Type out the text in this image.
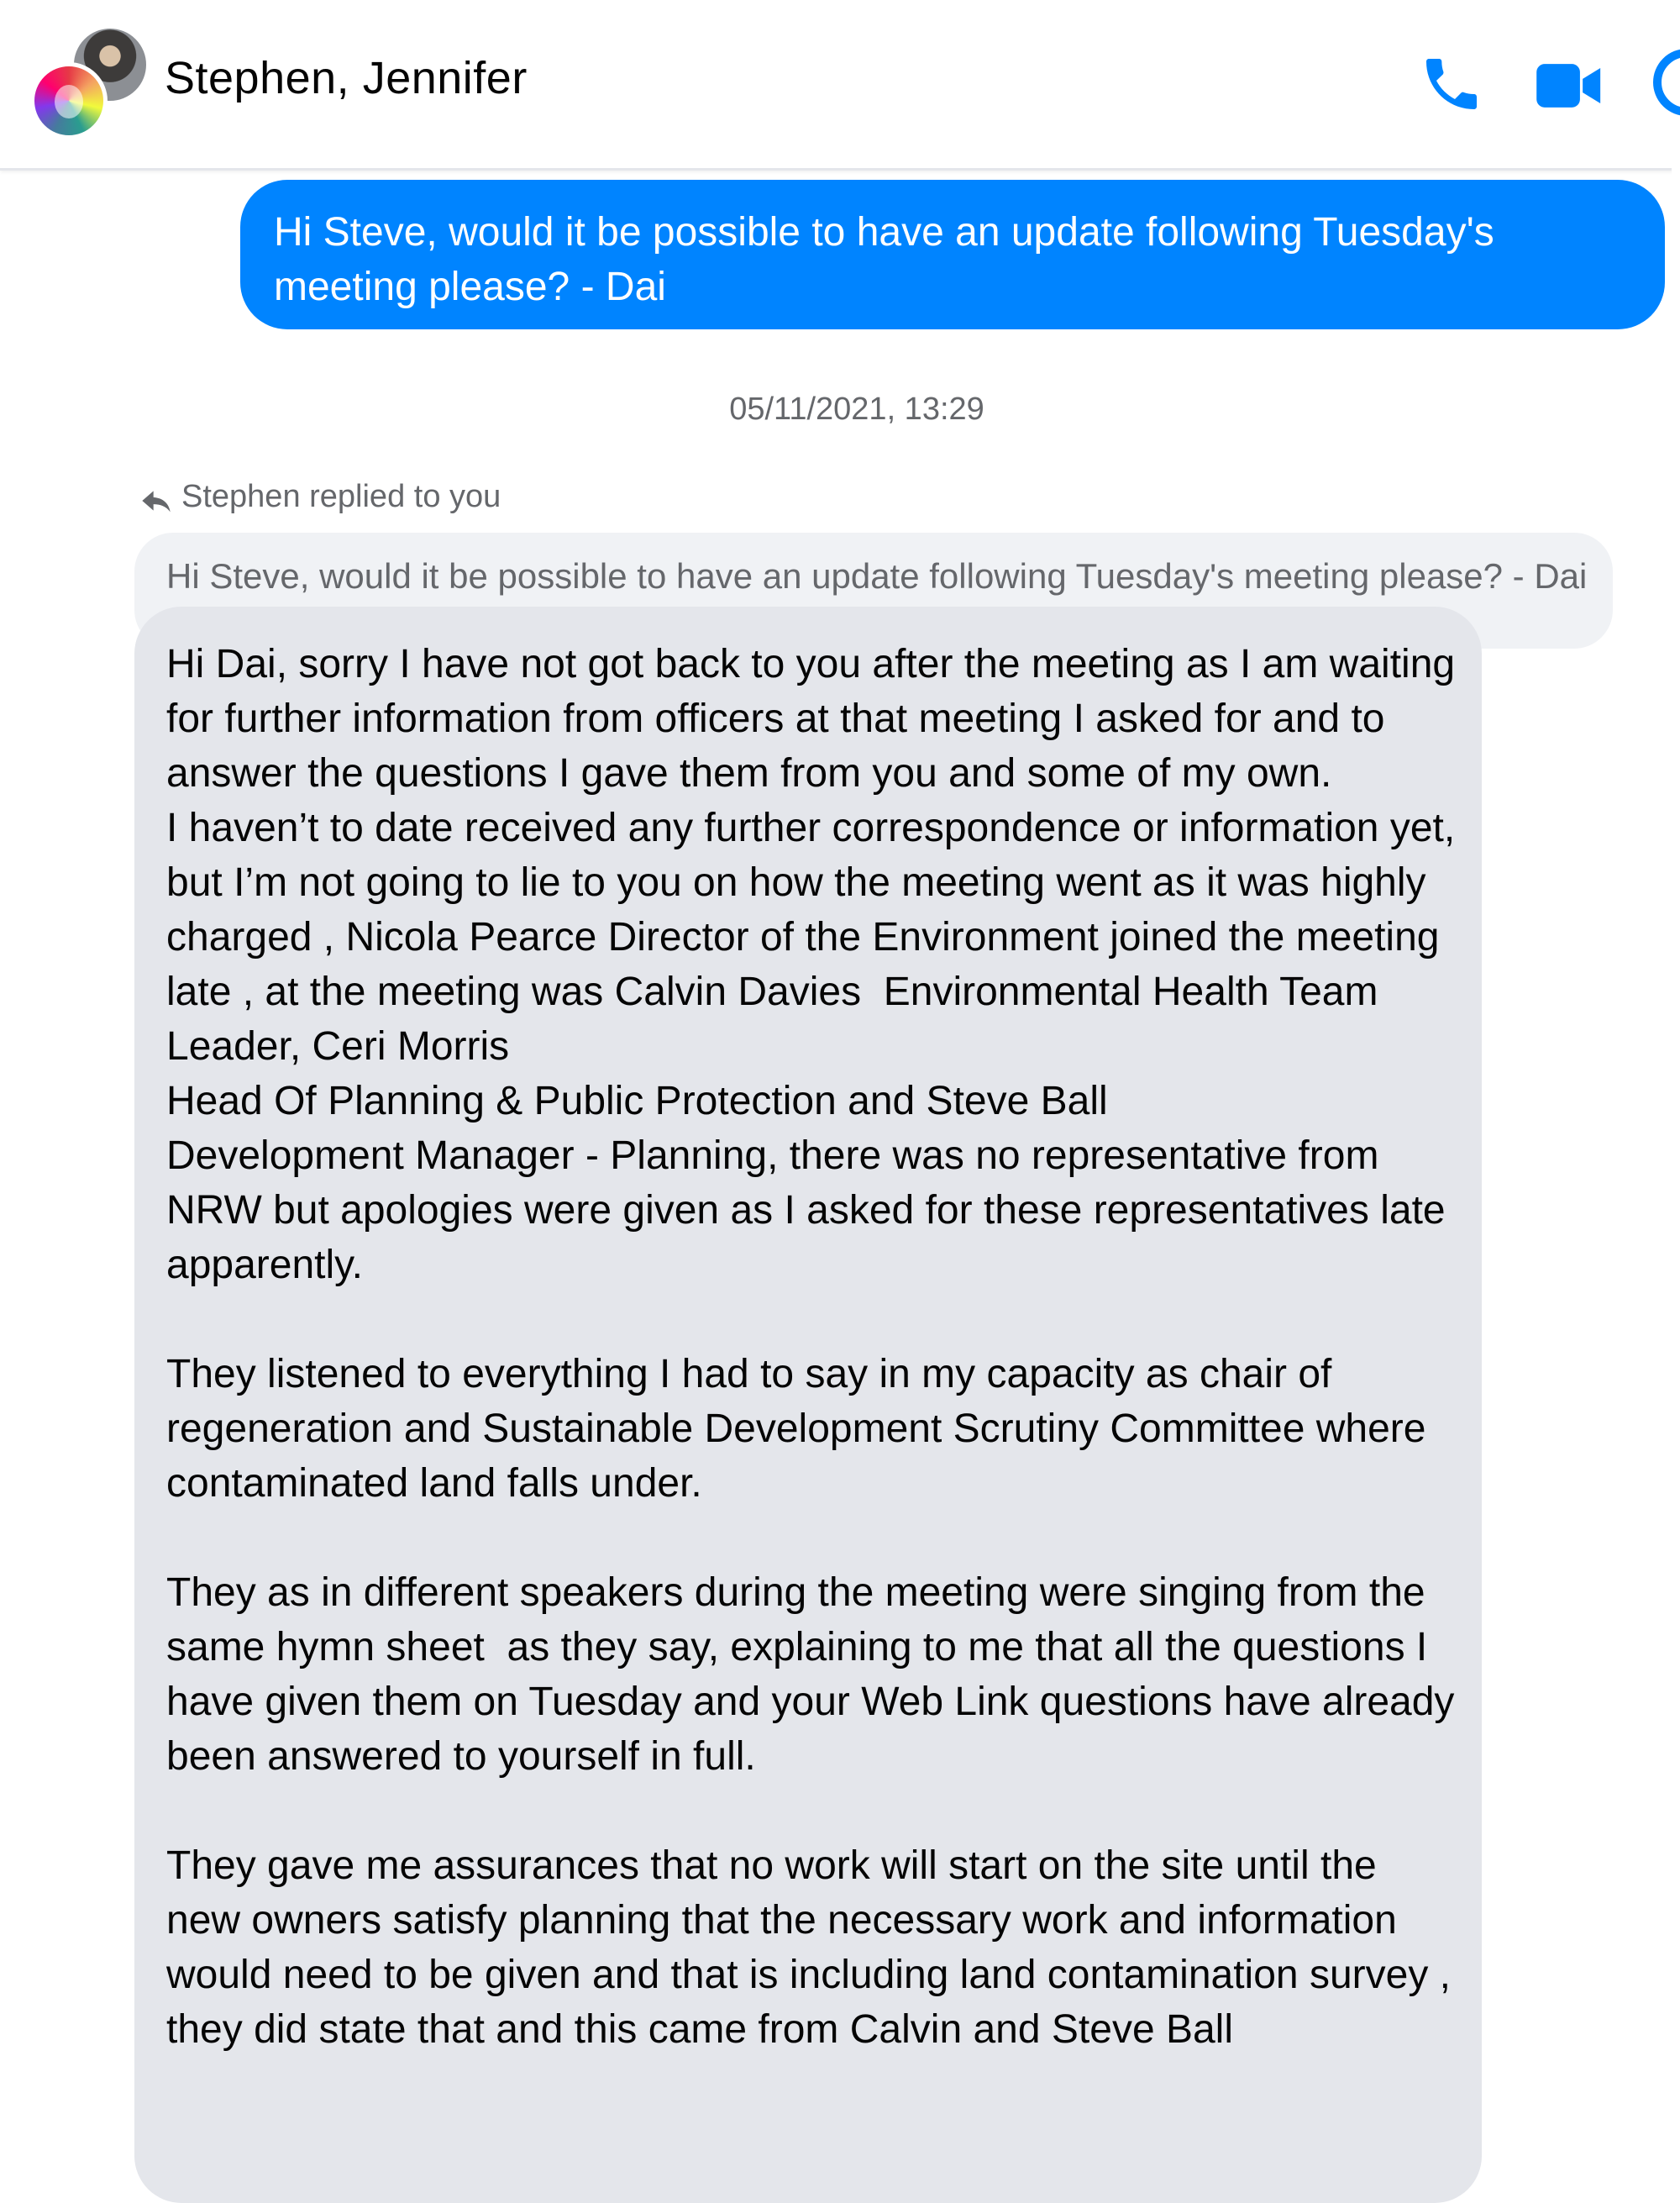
Stephen, Jennifer
Hi Steve, would it be possible to have an update following Tuesday's meeting please? - Dai
05/11/2021, 13:29
Stephen replied to you
Hi Steve, would it be possible to have an update following Tuesday's meeting please? - Dai
Hi Dai, sorry I have not got back to you after the meeting as I am waiting for further information from officers at that meeting I asked for and to answer the questions I gave them from you and some of my own.
I haven’t to date received any further correspondence or information yet, but I’m not going to lie to you on how the meeting went as it was highly charged , Nicola Pearce Director of the Environment joined the meeting late , at the meeting was Calvin Davies  Environmental Health Team Leader, Ceri Morris
Head Of Planning & Public Protection and Steve Ball
Development Manager - Planning, there was no representative from NRW but apologies were given as I asked for these representatives late apparently.

They listened to everything I had to say in my capacity as chair of regeneration and Sustainable Development Scrutiny Committee where contaminated land falls under.

They as in different speakers during the meeting were singing from the same hymn sheet  as they say, explaining to me that all the questions I have given them on Tuesday and your Web Link questions have already been answered to yourself in full.

They gave me assurances that no work will start on the site until the new owners satisfy planning that the necessary work and information would need to be given and that is including land contamination survey , they did state that and this came from Calvin and Steve Ball
